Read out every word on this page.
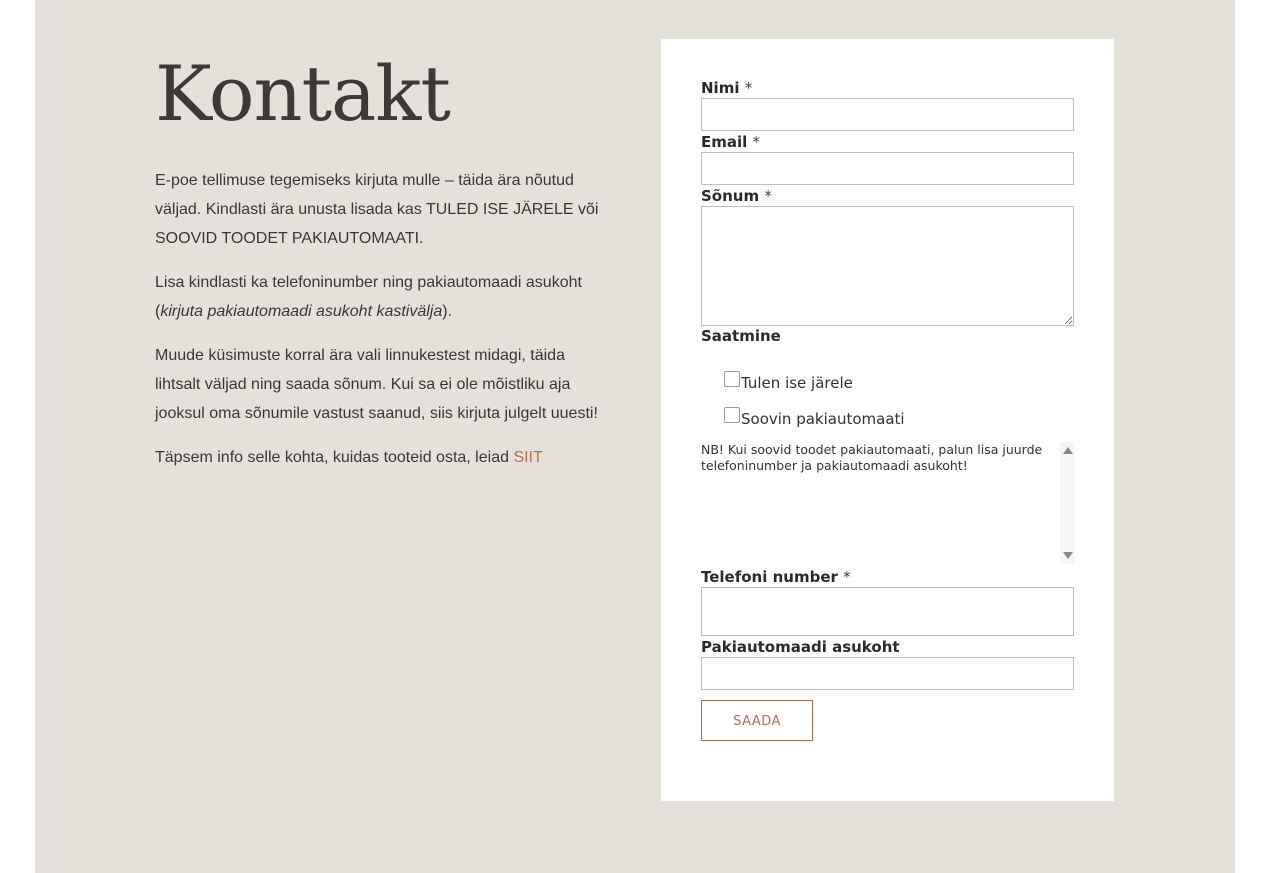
Kontakt

E-poe tellimuse tegemiseks kirjuta mulle – täida ära nõutud väljad. Kindlasti ära unusta lisada kas TULED ISE JÄRELE või SOOVID TOODET PAKIAUTOMAATI.

Lisa kindlasti ka telefoninumber ning pakiautomaadi asukoht (kirjuta pakiautomaadi asukoht kastivälja).

Muude küsimuste korral ära vali linnukestest midagi, täida lihtsalt väljad ning saada sõnum. Kui sa ei ole mõistliku aja jooksul oma sõnumile vastust saanud, siis kirjuta julgelt uuesti!

Täpsem info selle kohta, kuidas tooteid osta, leiad SIIT

Nimi *
Email *
Sõnum *
Saatmine
Tulen ise järele
Soovin pakiautomaati
NB! Kui soovid toodet pakiautomaati, palun lisa juurde telefoninumber ja pakiautomaadi asukoht!
Telefoni number *
Pakiautomaadi asukoht
SAADA
